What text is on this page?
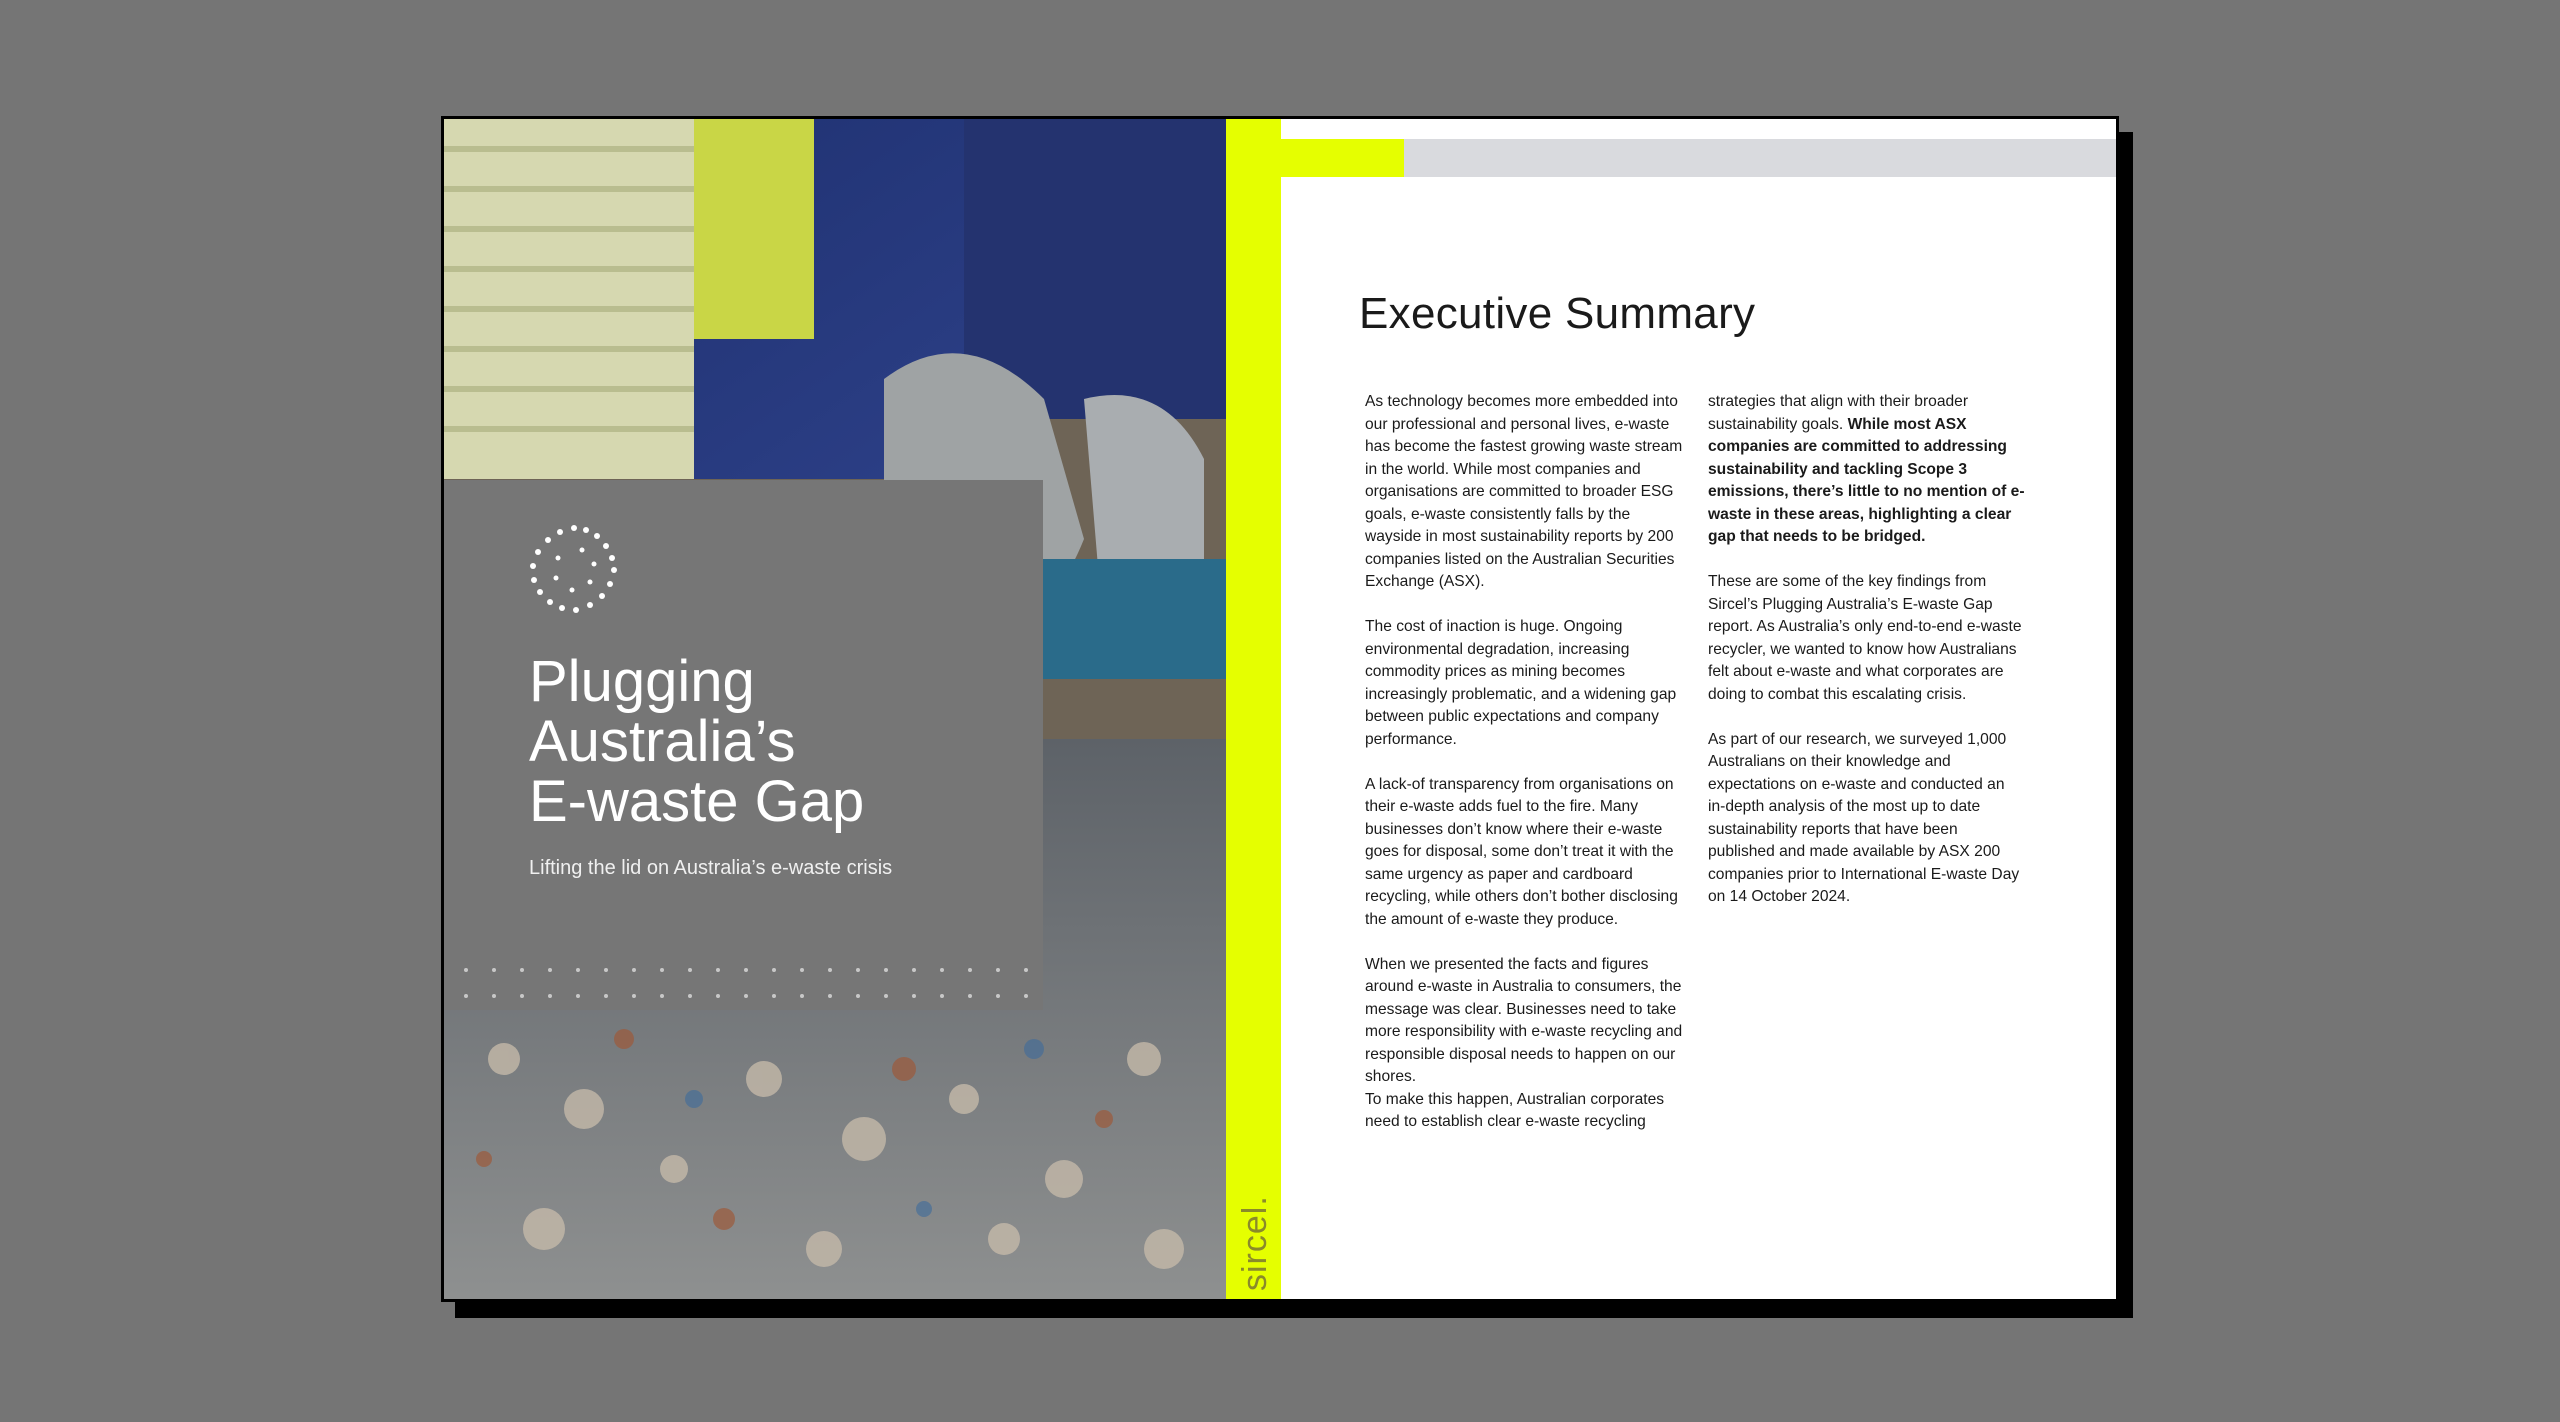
Plugging
Australia’s
E-waste Gap
Lifting the lid on Australia’s e-waste crisis
sircel.
Executive Summary

As technology becomes more embedded into our professional and personal lives, e-waste has become the fastest growing waste stream in the world. While most companies and organisations are committed to broader ESG goals, e-waste consistently falls by the wayside in most sustainability reports by 200 companies listed on the Australian Securities Exchange (ASX).

The cost of inaction is huge. Ongoing environmental degradation, increasing commodity prices as mining becomes increasingly problematic, and a widening gap between public expectations and company performance.

A lack-of transparency from organisations on their e-waste adds fuel to the fire. Many businesses don’t know where their e-waste goes for disposal, some don’t treat it with the same urgency as paper and cardboard recycling, while others don’t bother disclosing the amount of e-waste they produce.

When we presented the facts and figures around e-waste in Australia to consumers, the message was clear. Businesses need to take more responsibility with e-waste recycling and responsible disposal needs to happen on our shores.

To make this happen, Australian corporates need to establish clear e-waste recycling

strategies that align with their broader sustainability goals. While most ASX companies are committed to addressing sustainability and tackling Scope 3 emissions, there’s little to no mention of e-waste in these areas, highlighting a clear gap that needs to be bridged.

These are some of the key findings from Sircel’s Plugging Australia’s E-waste Gap report. As Australia’s only end-to-end e-waste recycler, we wanted to know how Australians felt about e-waste and what corporates are doing to combat this escalating crisis.

As part of our research, we surveyed 1,000 Australians on their knowledge and expectations on e-waste and conducted an in-depth analysis of the most up to date sustainability reports that have been published and made available by ASX 200 companies prior to International E-waste Day on 14 October 2024.
